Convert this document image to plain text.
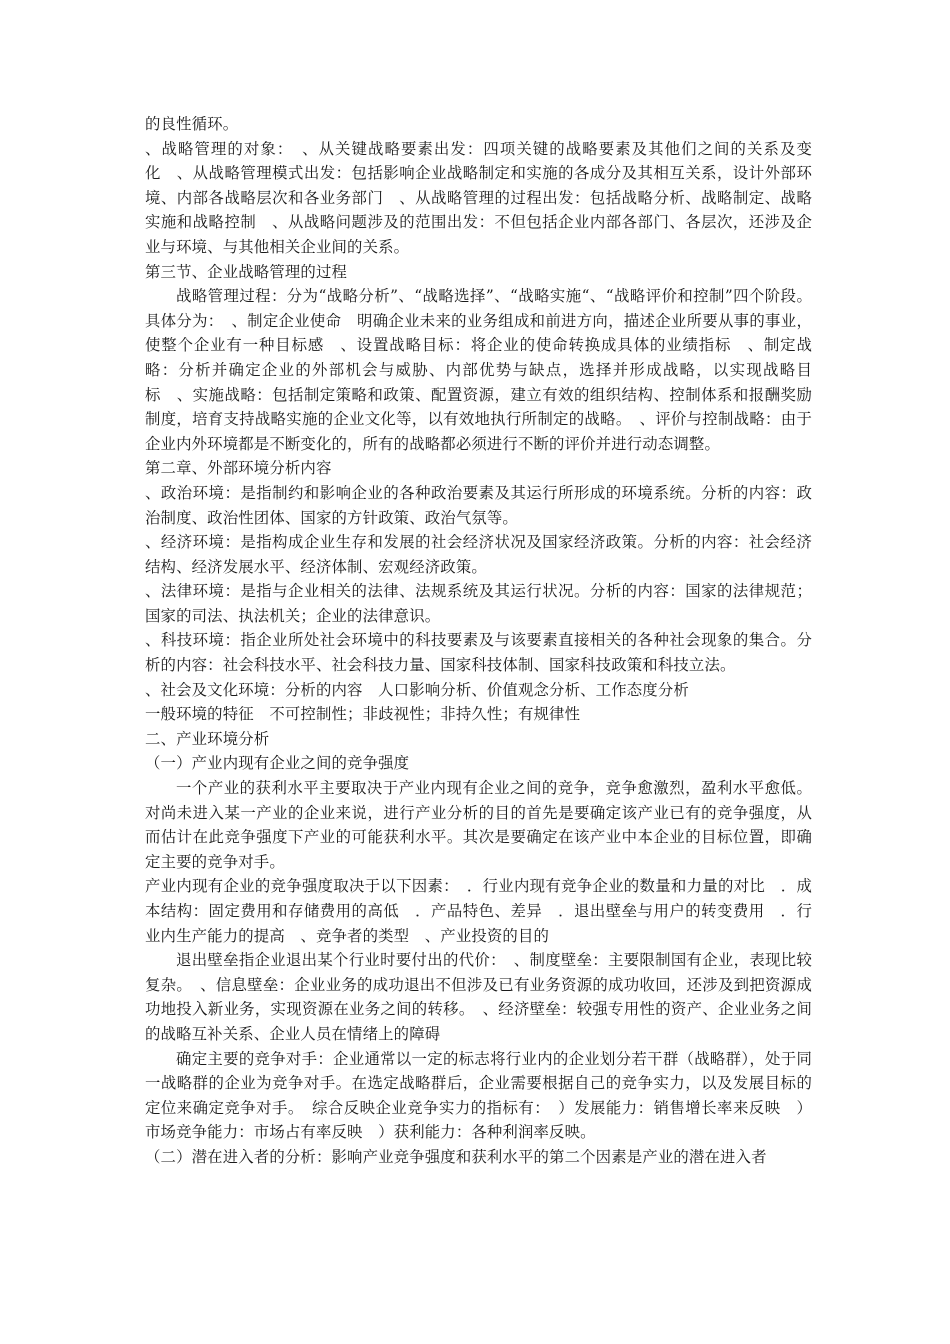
的良性循环。

、战略管理的对象：　、从关键战略要素出发：四项关键的战略要素及其他们之间的关系及变化　、从战略管理模式出发：包括影响企业战略制定和实施的各成分及其相互关系，设计外部环境、内部各战略层次和各业务部门　、从战略管理的过程出发：包括战略分析、战略制定、战略实施和战略控制　、从战略问题涉及的范围出发：不但包括企业内部各部门、各层次，还涉及企业与环境、与其他相关企业间的关系。

第三节、企业战略管理的过程

战略管理过程：分为“战略分析”、“战略选择”、“战略实施“、“战略评价和控制”四个阶段。具体分为：　、制定企业使命　明确企业未来的业务组成和前进方向，描述企业所要从事的事业，使整个企业有一种目标感　、设置战略目标：将企业的使命转换成具体的业绩指标　、制定战略：分析并确定企业的外部机会与威胁、内部优势与缺点，选择并形成战略，以实现战略目标　、实施战略：包括制定策略和政策、配置资源，建立有效的组织结构、控制体系和报酬奖励制度，培育支持战略实施的企业文化等，以有效地执行所制定的战略。　、评价与控制战略：由于企业内外环境都是不断变化的，所有的战略都必须进行不断的评价并进行动态调整。

第二章、外部环境分析内容

、政治环境：是指制约和影响企业的各种政治要素及其运行所形成的环境系统。分析的内容：政治制度、政治性团体、国家的方针政策、政治气氛等。

、经济环境：是指构成企业生存和发展的社会经济状况及国家经济政策。分析的内容：社会经济结构、经济发展水平、经济体制、宏观经济政策。

、法律环境：是指与企业相关的法律、法规系统及其运行状况。分析的内容：国家的法律规范；国家的司法、执法机关；企业的法律意识。

、科技环境：指企业所处社会环境中的科技要素及与该要素直接相关的各种社会现象的集合。分析的内容：社会科技水平、社会科技力量、国家科技体制、国家科技政策和科技立法。

、社会及文化环境：分析的内容　人口影响分析、价值观念分析、工作态度分析

一般环境的特征　不可控制性；非歧视性；非持久性；有规律性

二、产业环境分析

（一）产业内现有企业之间的竞争强度

一个产业的获利水平主要取决于产业内现有企业之间的竞争，竞争愈激烈，盈利水平愈低。对尚未进入某一产业的企业来说，进行产业分析的目的首先是要确定该产业已有的竞争强度，从而估计在此竞争强度下产业的可能获利水平。其次是要确定在该产业中本企业的目标位置，即确定主要的竞争对手。

产业内现有企业的竞争强度取决于以下因素：　．行业内现有竞争企业的数量和力量的对比　．成本结构：固定费用和存储费用的高低　．产品特色、差异　．退出壁垒与用户的转变费用　．行业内生产能力的提高　、竞争者的类型　、产业投资的目的

退出壁垒指企业退出某个行业时要付出的代价：　、制度壁垒：主要限制国有企业，表现比较复杂。　、信息壁垒：企业业务的成功退出不但涉及已有业务资源的成功收回，还涉及到把资源成功地投入新业务，实现资源在业务之间的转移。　、经济壁垒：较强专用性的资产、企业业务之间的战略互补关系、企业人员在情绪上的障碍

确定主要的竞争对手：企业通常以一定的标志将行业内的企业划分若干群（战略群），处于同一战略群的企业为竞争对手。在选定战略群后，企业需要根据自己的竞争实力，以及发展目标的定位来确定竞争对手。　综合反映企业竞争实力的指标有：　）发展能力：销售增长率来反映　）市场竞争能力：市场占有率反映　）获利能力：各种利润率反映。

（二）潜在进入者的分析：影响产业竞争强度和获利水平的第二个因素是产业的潜在进入者
